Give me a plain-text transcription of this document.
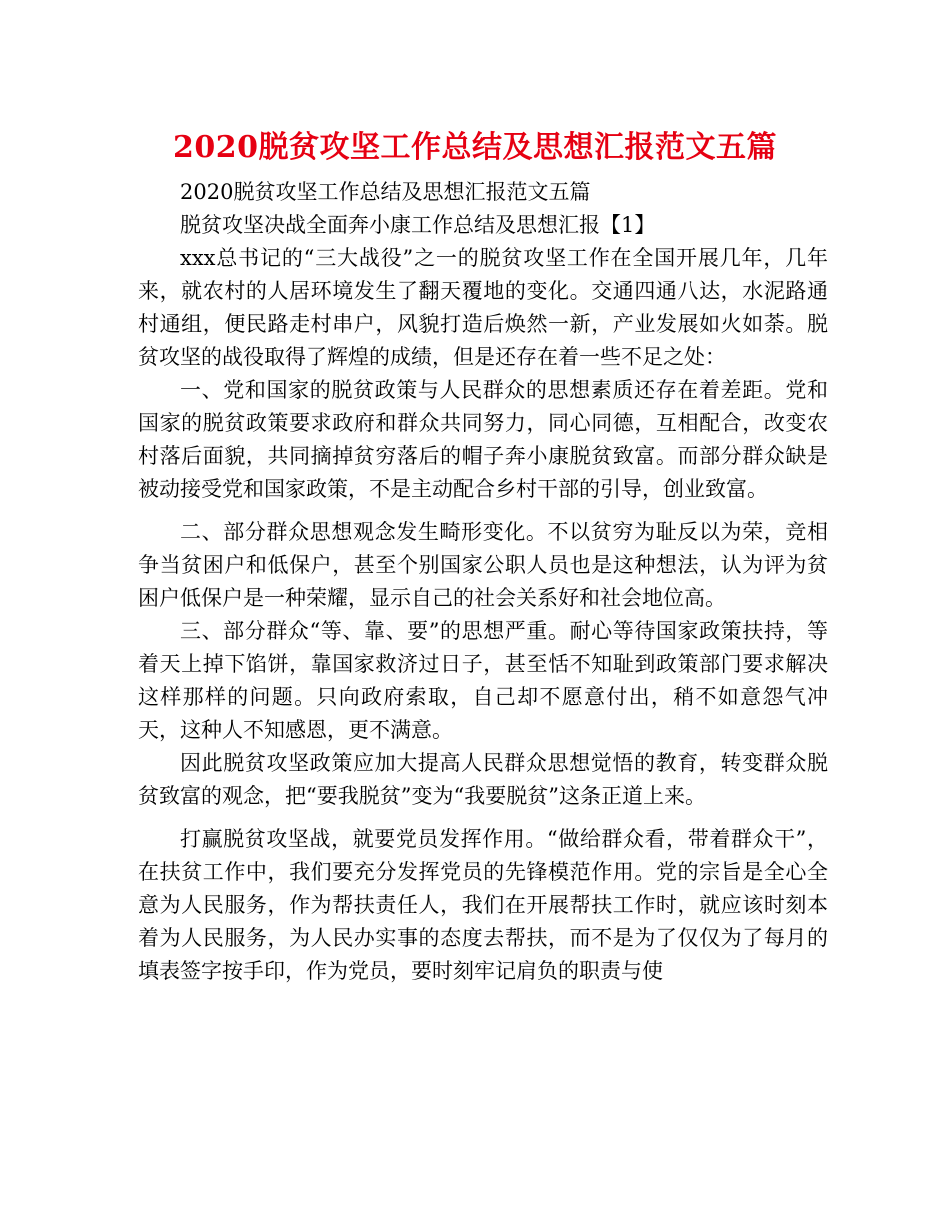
2020脱贫攻坚工作总结及思想汇报范文五篇

2020脱贫攻坚工作总结及思想汇报范文五篇

脱贫攻坚决战全面奔小康工作总结及思想汇报【1】

xxx总书记的“三大战役”之一的脱贫攻坚工作在全国开展几年，几年来，就农村的人居环境发生了翻天覆地的变化。交通四通八达，水泥路通村通组，便民路走村串户，风貌打造后焕然一新，产业发展如火如荼。脱贫攻坚的战役取得了辉煌的成绩，但是还存在着一些不足之处：

一、党和国家的脱贫政策与人民群众的思想素质还存在着差距。党和国家的脱贫政策要求政府和群众共同努力，同心同德，互相配合，改变农村落后面貌，共同摘掉贫穷落后的帽子奔小康脱贫致富。而部分群众缺是被动接受党和国家政策，不是主动配合乡村干部的引导，创业致富。

二、部分群众思想观念发生畸形变化。不以贫穷为耻反以为荣，竞相争当贫困户和低保户，甚至个别国家公职人员也是这种想法，认为评为贫困户低保户是一种荣耀，显示自己的社会关系好和社会地位高。

三、部分群众“等、靠、要”的思想严重。耐心等待国家政策扶持，等着天上掉下馅饼，靠国家救济过日子，甚至恬不知耻到政策部门要求解决这样那样的问题。只向政府索取，自己却不愿意付出，稍不如意怨气冲天，这种人不知感恩，更不满意。

因此脱贫攻坚政策应加大提高人民群众思想觉悟的教育，转变群众脱贫致富的观念，把“要我脱贫”变为“我要脱贫”这条正道上来。

打赢脱贫攻坚战，就要党员发挥作用。“做给群众看，带着群众干”，在扶贫工作中，我们要充分发挥党员的先锋模范作用。党的宗旨是全心全意为人民服务，作为帮扶责任人，我们在开展帮扶工作时，就应该时刻本着为人民服务，为人民办实事的态度去帮扶，而不是为了仅仅为了每月的填表签字按手印，作为党员，要时刻牢记肩负的职责与使
